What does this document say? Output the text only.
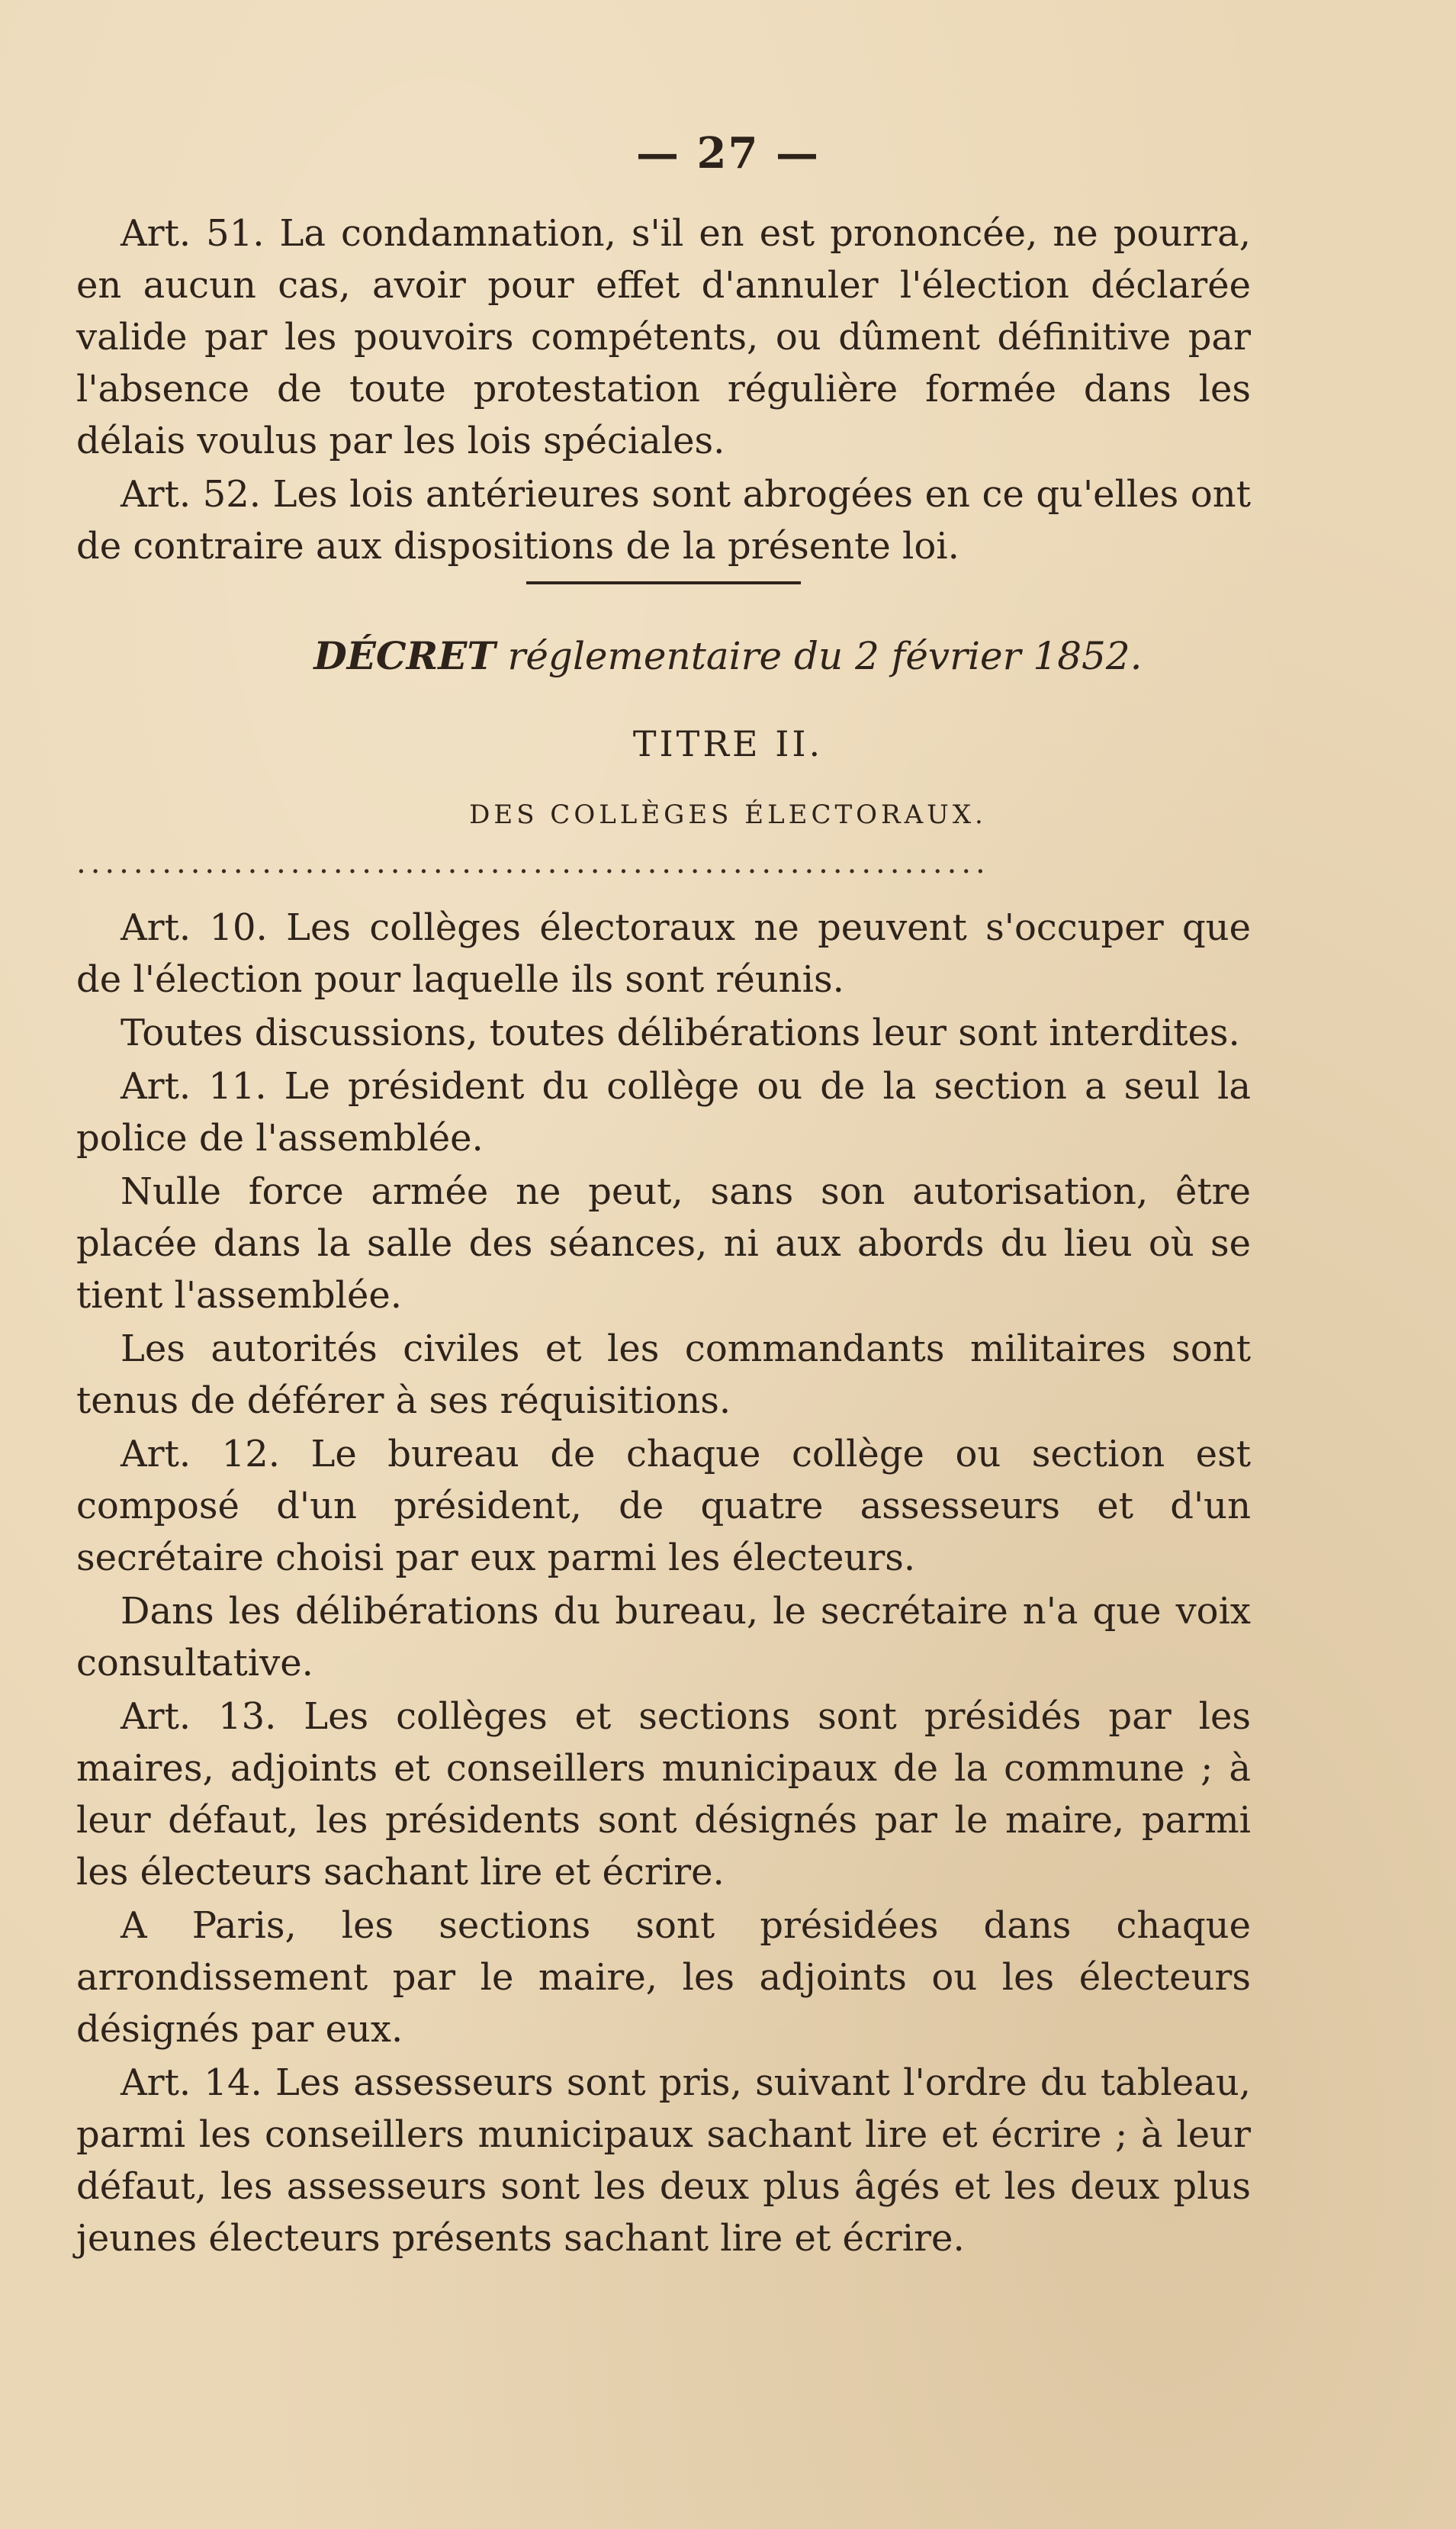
— 27 —

Art. 51. La condamnation, s'il en est prononcée, ne pourra, en aucun cas, avoir pour effet d'annuler l'élection déclarée valide par les pouvoirs compétents, ou dûment définitive par l'absence de toute protestation régulière formée dans les délais voulus par les lois spéciales.

Art. 52. Les lois antérieures sont abrogées en ce qu'elles ont de contraire aux dispositions de la présente loi.

DÉCRET réglementaire du 2 février 1852.
TITRE II.
DES COLLÈGES ÉLECTORAUX.
................................................................

Art. 10. Les collèges électoraux ne peuvent s'occuper que de l'élection pour laquelle ils sont réunis.

Toutes discussions, toutes délibérations leur sont interdites.

Art. 11. Le président du collège ou de la section a seul la police de l'assemblée.

Nulle force armée ne peut, sans son autorisation, être placée dans la salle des séances, ni aux abords du lieu où se tient l'assemblée.

Les autorités civiles et les commandants militaires sont tenus de déférer à ses réquisitions.

Art. 12. Le bureau de chaque collège ou section est composé d'un président, de quatre assesseurs et d'un secrétaire choisi par eux parmi les électeurs.

Dans les délibérations du bureau, le secrétaire n'a que voix consultative.

Art. 13. Les collèges et sections sont présidés par les maires, adjoints et conseillers municipaux de la commune ; à leur défaut, les présidents sont désignés par le maire, parmi les électeurs sachant lire et écrire.

A Paris, les sections sont présidées dans chaque arrondissement par le maire, les adjoints ou les électeurs désignés par eux.

Art. 14. Les assesseurs sont pris, suivant l'ordre du tableau, parmi les conseillers municipaux sachant lire et écrire ; à leur défaut, les assesseurs sont les deux plus âgés et les deux plus jeunes électeurs présents sachant lire et écrire.
